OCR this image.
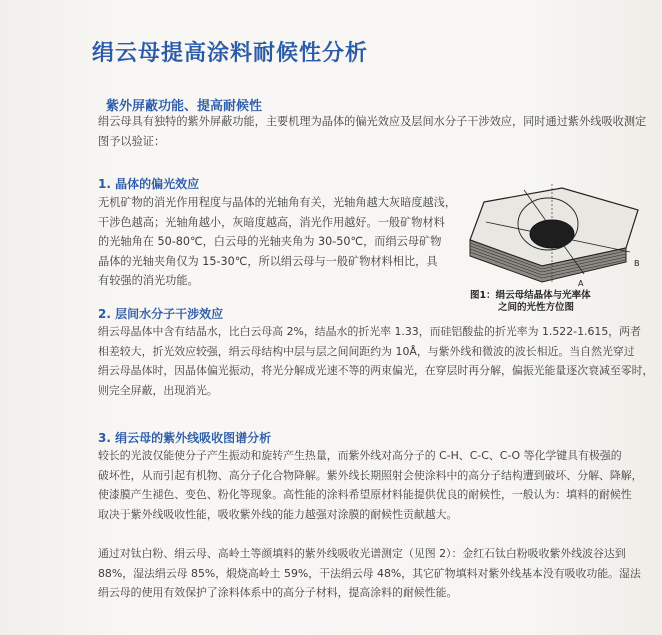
绢云母提高涂料耐候性分析
紫外屏蔽功能、提高耐候性
绢云母具有独特的紫外屏蔽功能，主要机理为晶体的偏光效应及层间水分子干涉效应，同时通过紫外线吸收测定
图予以验证：
1. 晶体的偏光效应
无机矿物的消光作用程度与晶体的光轴角有关，光轴角越大灰暗度越浅，
干涉色越高；光轴角越小，灰暗度越高，消光作用越好。一般矿物材料
的光轴角在 50-80℃，白云母的光轴夹角为 30-50℃，而绢云母矿物
晶体的光轴夹角仅为 15-30℃，所以绢云母与一般矿物材料相比，具
有较强的消光功能。	A
B
图1：绢云母结晶体与光率体
之间的光性方位图
2. 层间水分子干涉效应
绢云母晶体中含有结晶水，比白云母高 2%，结晶水的折光率 1.33，而硅铝酸盐的折光率为 1.522-1.615，两者
相差较大，折光效应较强，绢云母结构中层与层之间间距约为 10Å，与紫外线和微波的波长相近。当自然光穿过
绢云母晶体时，因晶体偏光振动，将光分解成光速不等的两束偏光，在穿层时再分解，偏振光能量逐次衰减至零时，
则完全屏蔽，出现消光。
3. 绢云母的紫外线吸收图谱分析
较长的光波仅能使分子产生振动和旋转产生热量，而紫外线对高分子的 C-H、C-C、C-O 等化学键具有极强的
破坏性，从而引起有机物、高分子化合物降解。紫外线长期照射会使涂料中的高分子结构遭到破坏、分解、降解，
使漆膜产生褪色、变色、粉化等现象。高性能的涂料希望原材料能提供优良的耐候性，一般认为：填料的耐候性
取决于紫外线吸收性能，吸收紫外线的能力越强对涂膜的耐候性贡献越大。
通过对钛白粉、绢云母、高岭土等颜填料的紫外线吸收光谱测定（见图 2）：金红石钛白粉吸收紫外线波谷达到
88%，湿法绢云母 85%，煅烧高岭土 59%，干法绢云母 48%，其它矿物填料对紫外线基本没有吸收功能。湿法
绢云母的使用有效保护了涂料体系中的高分子材料，提高涂料的耐候性能。
